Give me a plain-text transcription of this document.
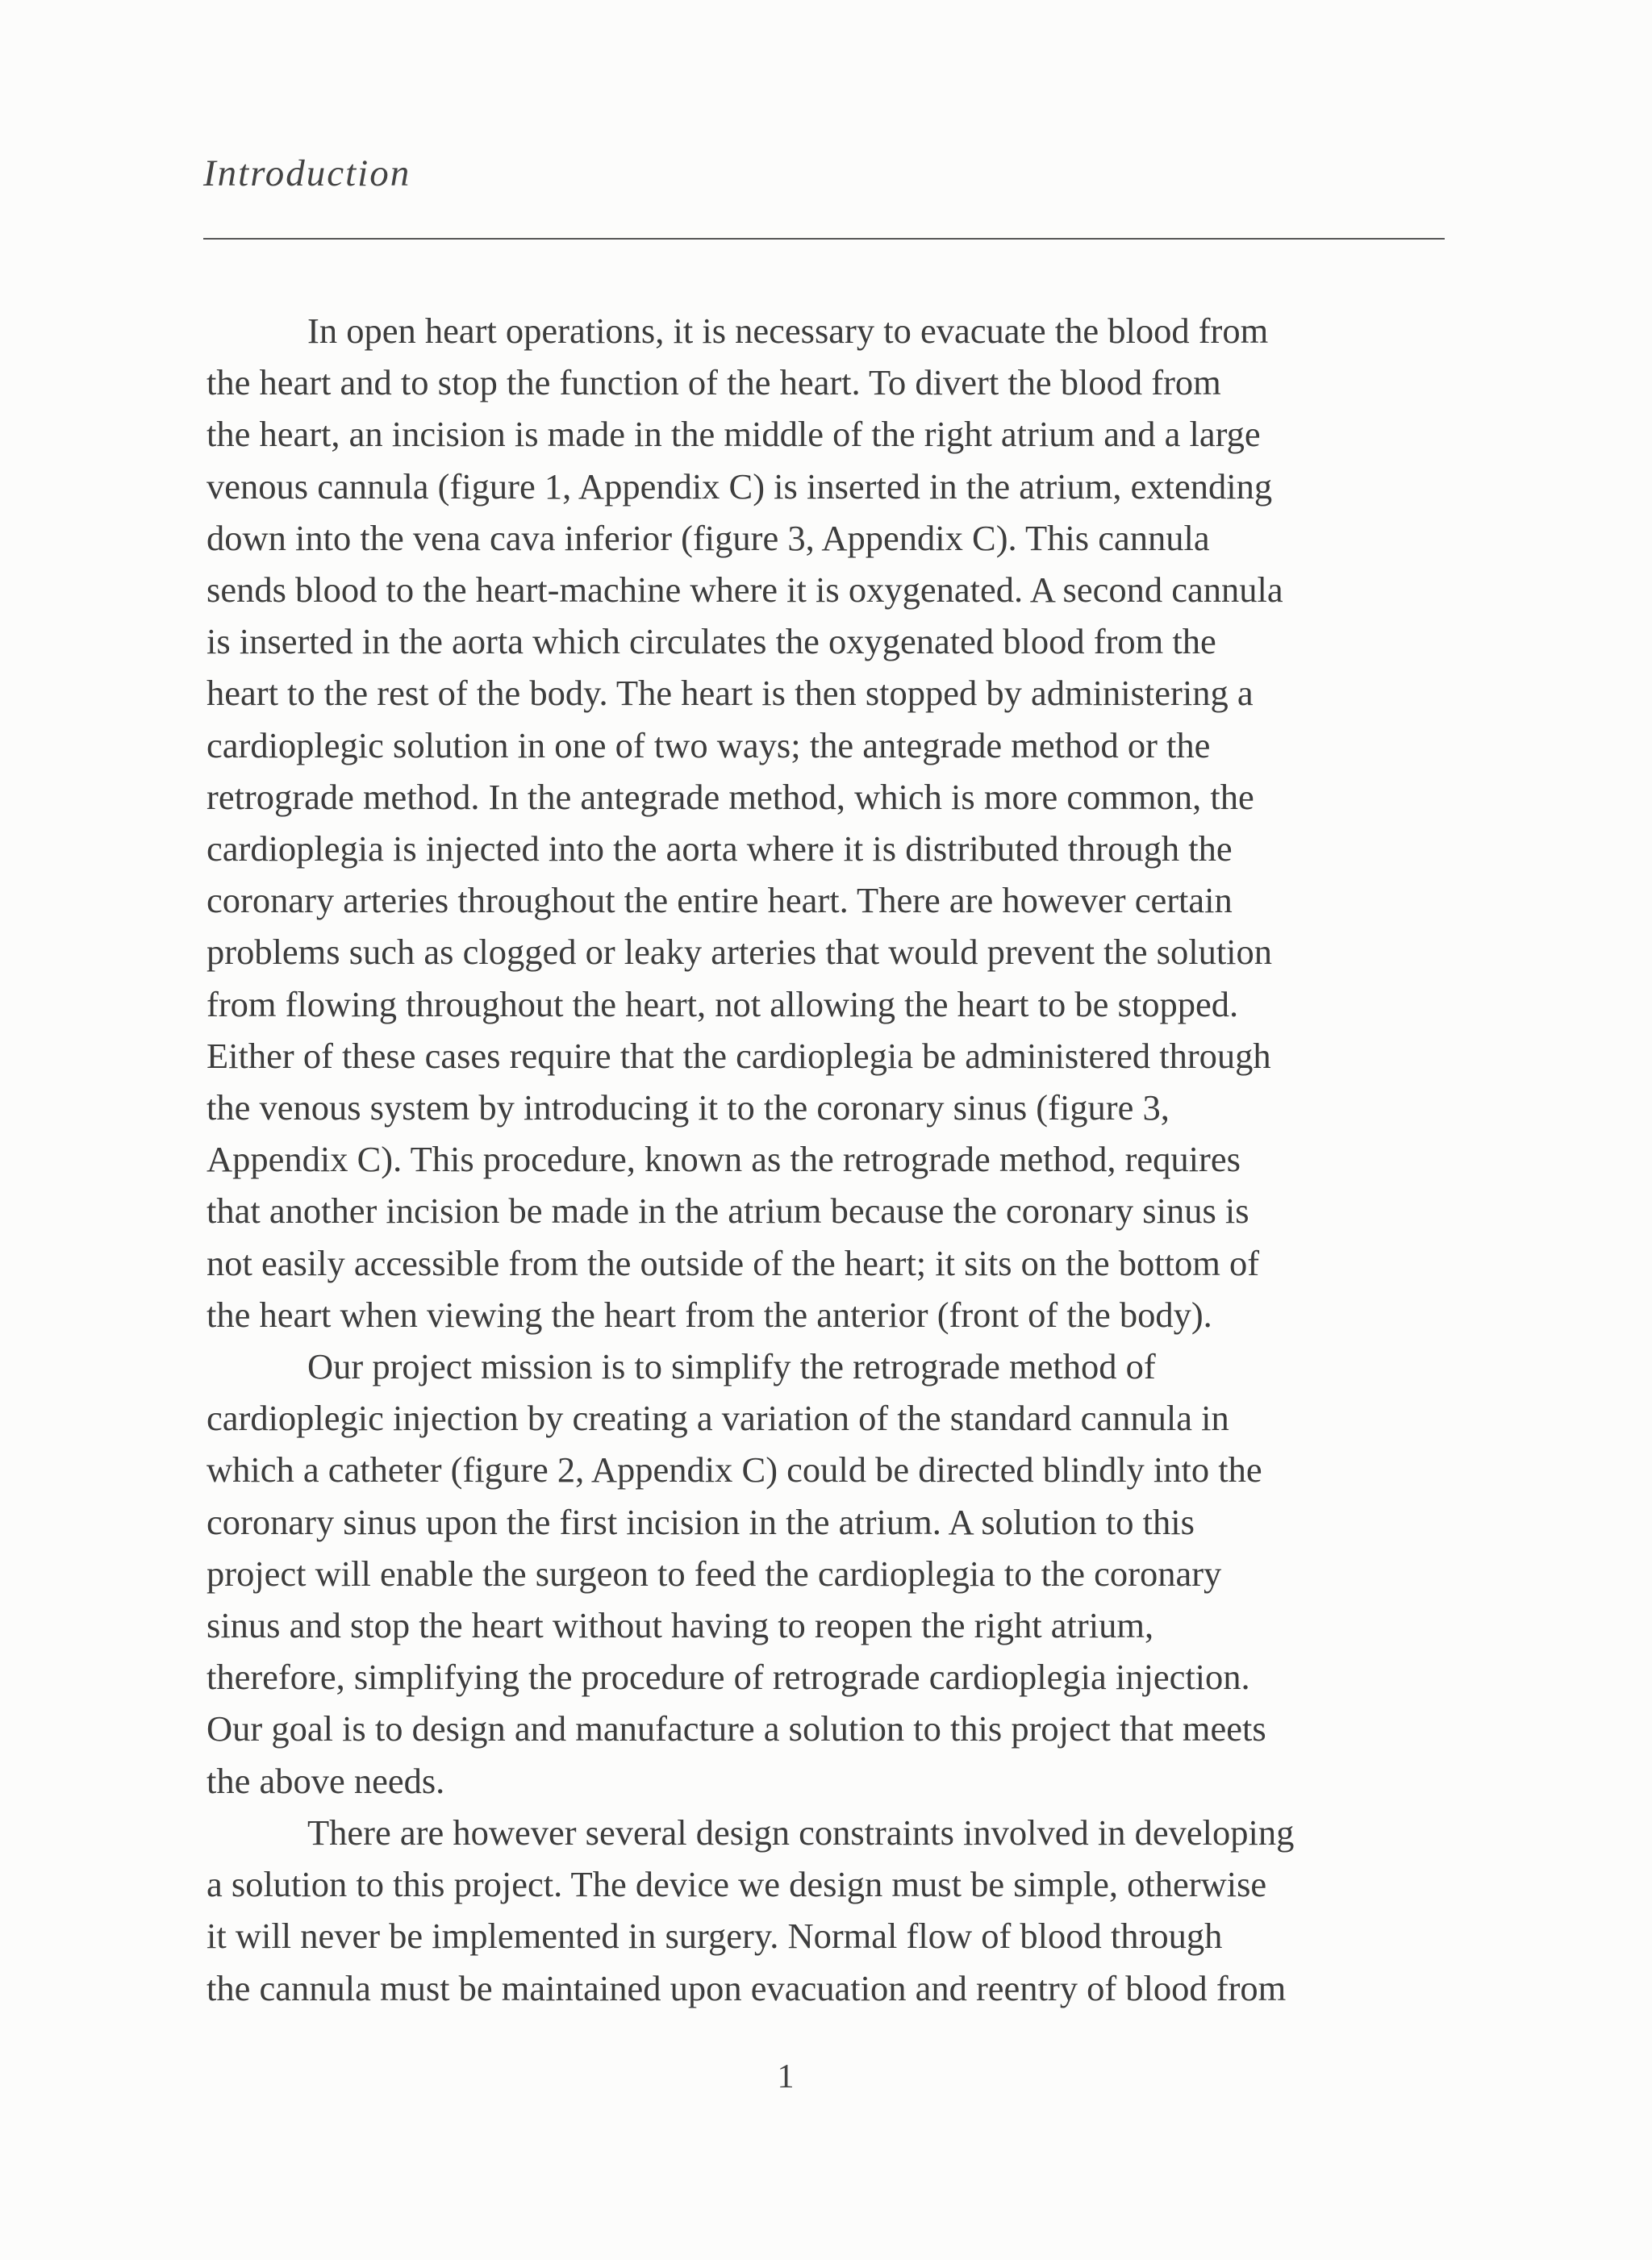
Introduction
In open heart operations, it is necessary to evacuate the blood from
the heart and to stop the function of the heart. To divert the blood from
the heart, an incision is made in the middle of the right atrium and a large
venous cannula (figure 1, Appendix C) is inserted in the atrium, extending
down into the vena cava inferior (figure 3, Appendix C). This cannula
sends blood to the heart-machine where it is oxygenated. A second cannula
is inserted in the aorta which circulates the oxygenated blood from the
heart to the rest of the body. The heart is then stopped by administering a
cardioplegic solution in one of two ways; the antegrade method or the
retrograde method. In the antegrade method, which is more common, the
cardioplegia is injected into the aorta where it is distributed through the
coronary arteries throughout the entire heart. There are however certain
problems such as clogged or leaky arteries that would prevent the solution
from flowing throughout the heart, not allowing the heart to be stopped.
Either of these cases require that the cardioplegia be administered through
the venous system by introducing it to the coronary sinus (figure 3,
Appendix C). This procedure, known as the retrograde method, requires
that another incision be made in the atrium because the coronary sinus is
not easily accessible from the outside of the heart; it sits on the bottom of
the heart when viewing the heart from the anterior (front of the body).
Our project mission is to simplify the retrograde method of
cardioplegic injection by creating a variation of the standard cannula in
which a catheter (figure 2, Appendix C) could be directed blindly into the
coronary sinus upon the first incision in the atrium. A solution to this
project will enable the surgeon to feed the cardioplegia to the coronary
sinus and stop the heart without having to reopen the right atrium,
therefore, simplifying the procedure of retrograde cardioplegia injection.
Our goal is to design and manufacture a solution to this project that meets
the above needs.
There are however several design constraints involved in developing
a solution to this project. The device we design must be simple, otherwise
it will never be implemented in surgery. Normal flow of blood through
the cannula must be maintained upon evacuation and reentry of blood from
1
